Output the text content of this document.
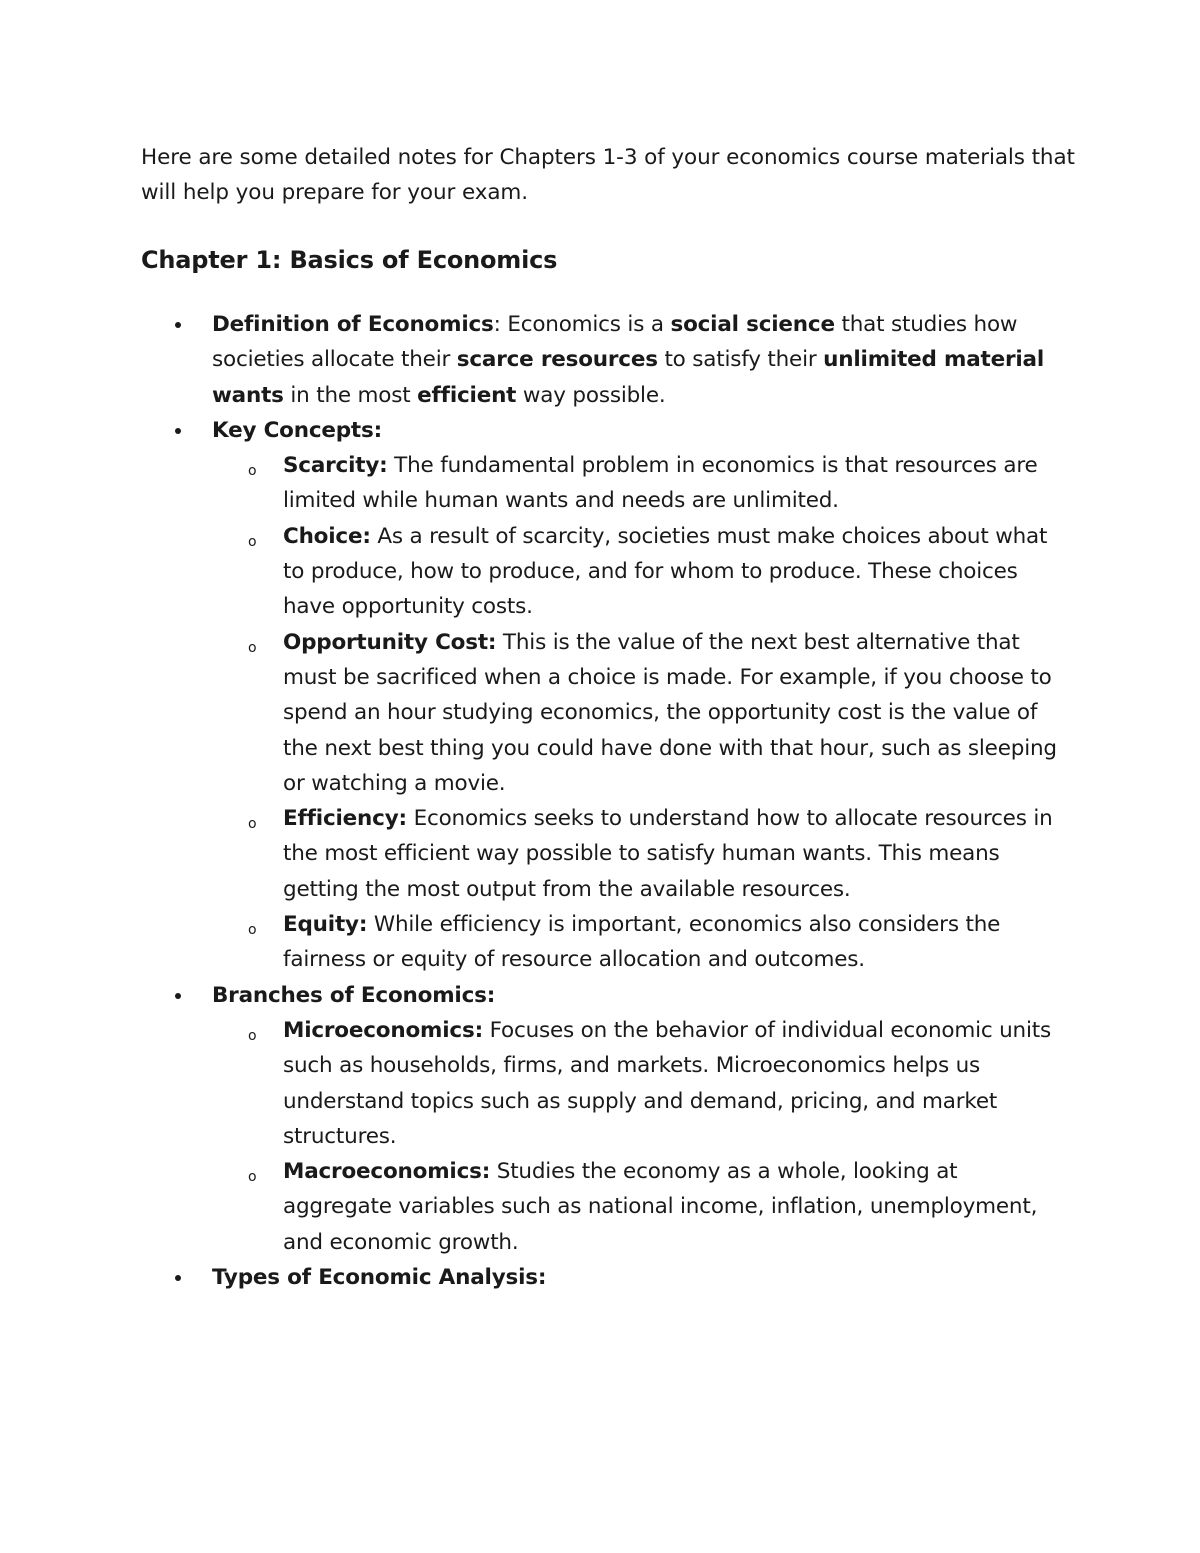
Here are some detailed notes for Chapters 1-3 of your economics course materials that will help you prepare for your exam.

Chapter 1: Basics of Economics
Definition of Economics: Economics is a social science that studies how societies allocate their scarce resources to satisfy their unlimited material wants in the most efficient way possible.
Key Concepts:
o Scarcity: The fundamental problem in economics is that resources are limited while human wants and needs are unlimited.
o Choice: As a result of scarcity, societies must make choices about what to produce, how to produce, and for whom to produce. These choices have opportunity costs.
o Opportunity Cost: This is the value of the next best alternative that must be sacrificed when a choice is made. For example, if you choose to spend an hour studying economics, the opportunity cost is the value of the next best thing you could have done with that hour, such as sleeping or watching a movie.
o Efficiency: Economics seeks to understand how to allocate resources in the most efficient way possible to satisfy human wants. This means getting the most output from the available resources.
o Equity: While efficiency is important, economics also considers the fairness or equity of resource allocation and outcomes.
Branches of Economics:
o Microeconomics: Focuses on the behavior of individual economic units such as households, firms, and markets. Microeconomics helps us understand topics such as supply and demand, pricing, and market structures.
o Macroeconomics: Studies the economy as a whole, looking at aggregate variables such as national income, inflation, unemployment, and economic growth.
Types of Economic Analysis:
